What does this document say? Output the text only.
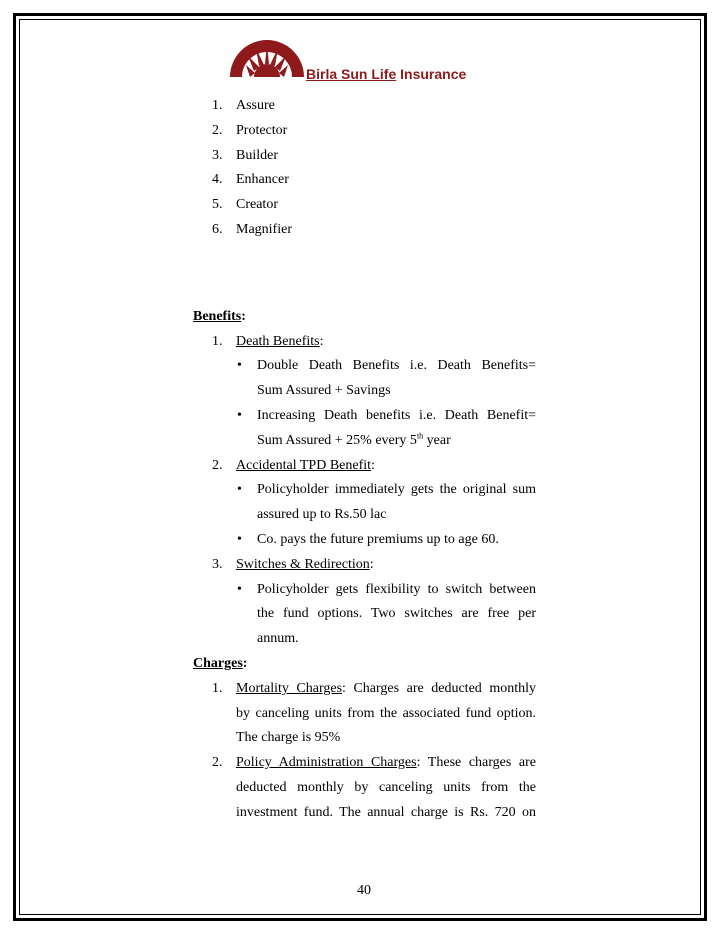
Birla Sun Life Insurance
1. Assure
2. Protector
3. Builder
4. Enhancer
5. Creator
6. Magnifier
Benefits:
1. Death Benefits:
• Double Death Benefits i.e. Death Benefits=
Sum Assured + Savings
• Increasing Death benefits i.e. Death Benefit=
Sum Assured + 25% every 5th year
2. Accidental TPD Benefit:
• Policyholder immediately gets the original sum
assured up to Rs.50 lac
• Co. pays the future premiums up to age 60.
3. Switches & Redirection:
• Policyholder gets flexibility to switch between
the fund options. Two switches are free per
annum.
Charges:
1. Mortality Charges: Charges are deducted monthly
by canceling units from the associated fund option.
The charge is 95%
2. Policy Administration Charges: These charges are
deducted monthly by canceling units from the
investment fund. The annual charge is Rs. 720 on
40
